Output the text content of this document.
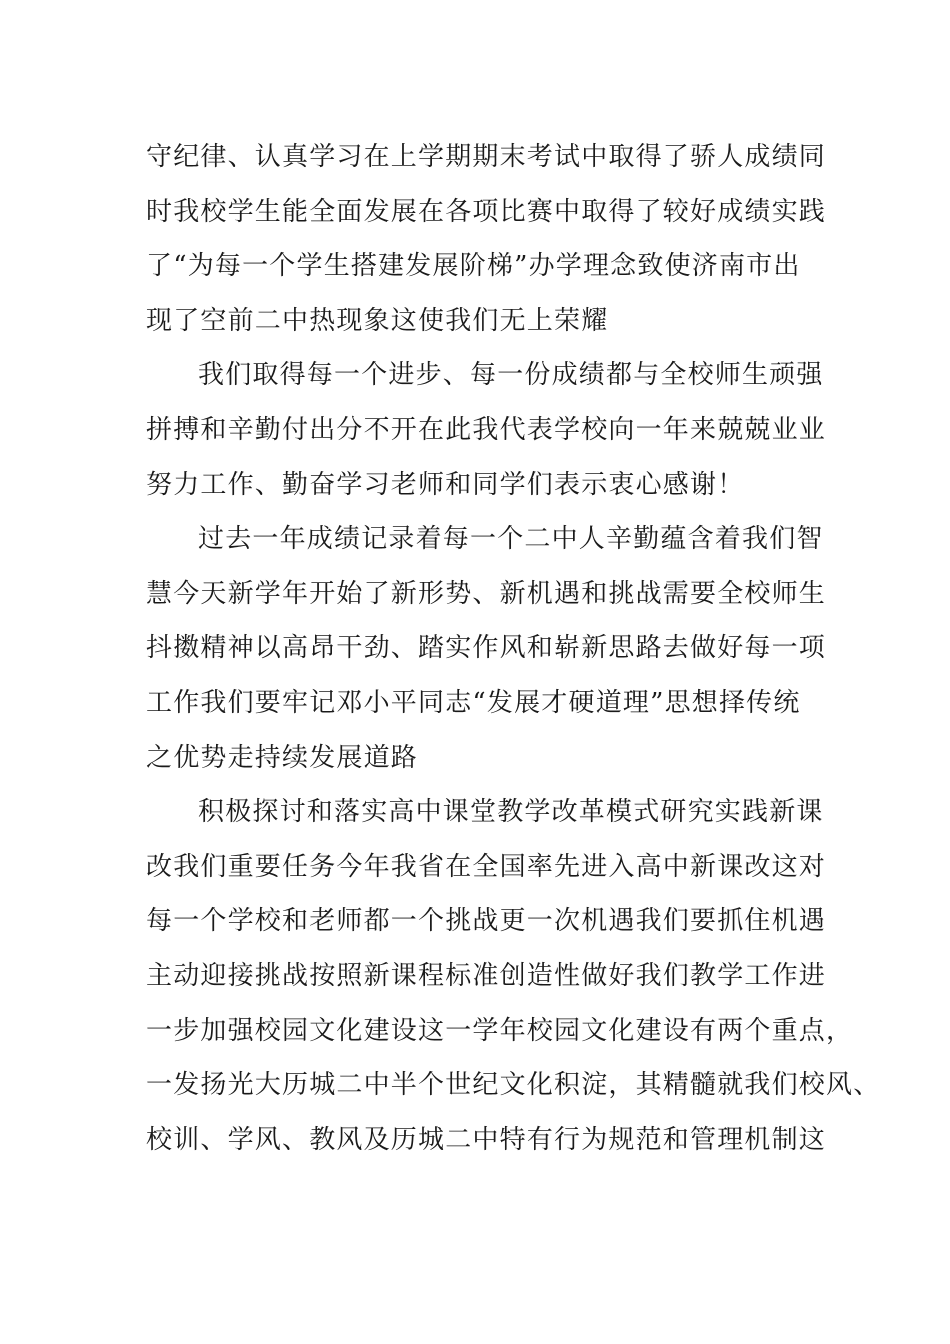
守纪律、认真学习在上学期期末考试中取得了骄人成绩同
时我校学生能全面发展在各项比赛中取得了较好成绩实践
了“为每一个学生搭建发展阶梯”办学理念致使济南市出
现了空前二中热现象这使我们无上荣耀

我们取得每一个进步、每一份成绩都与全校师生顽强
拼搏和辛勤付出分不开在此我代表学校向一年来兢兢业业
努力工作、勤奋学习老师和同学们表示衷心感谢！

过去一年成绩记录着每一个二中人辛勤蕴含着我们智
慧今天新学年开始了新形势、新机遇和挑战需要全校师生
抖擞精神以高昂干劲、踏实作风和崭新思路去做好每一项
工作我们要牢记邓小平同志“发展才硬道理”思想择传统
之优势走持续发展道路

积极探讨和落实高中课堂教学改革模式研究实践新课
改我们重要任务今年我省在全国率先进入高中新课改这对
每一个学校和老师都一个挑战更一次机遇我们要抓住机遇
主动迎接挑战按照新课程标准创造性做好我们教学工作进
一步加强校园文化建设这一学年校园文化建设有两个重点，
一发扬光大历城二中半个世纪文化积淀，其精髓就我们校风、
校训、学风、教风及历城二中特有行为规范和管理机制这
